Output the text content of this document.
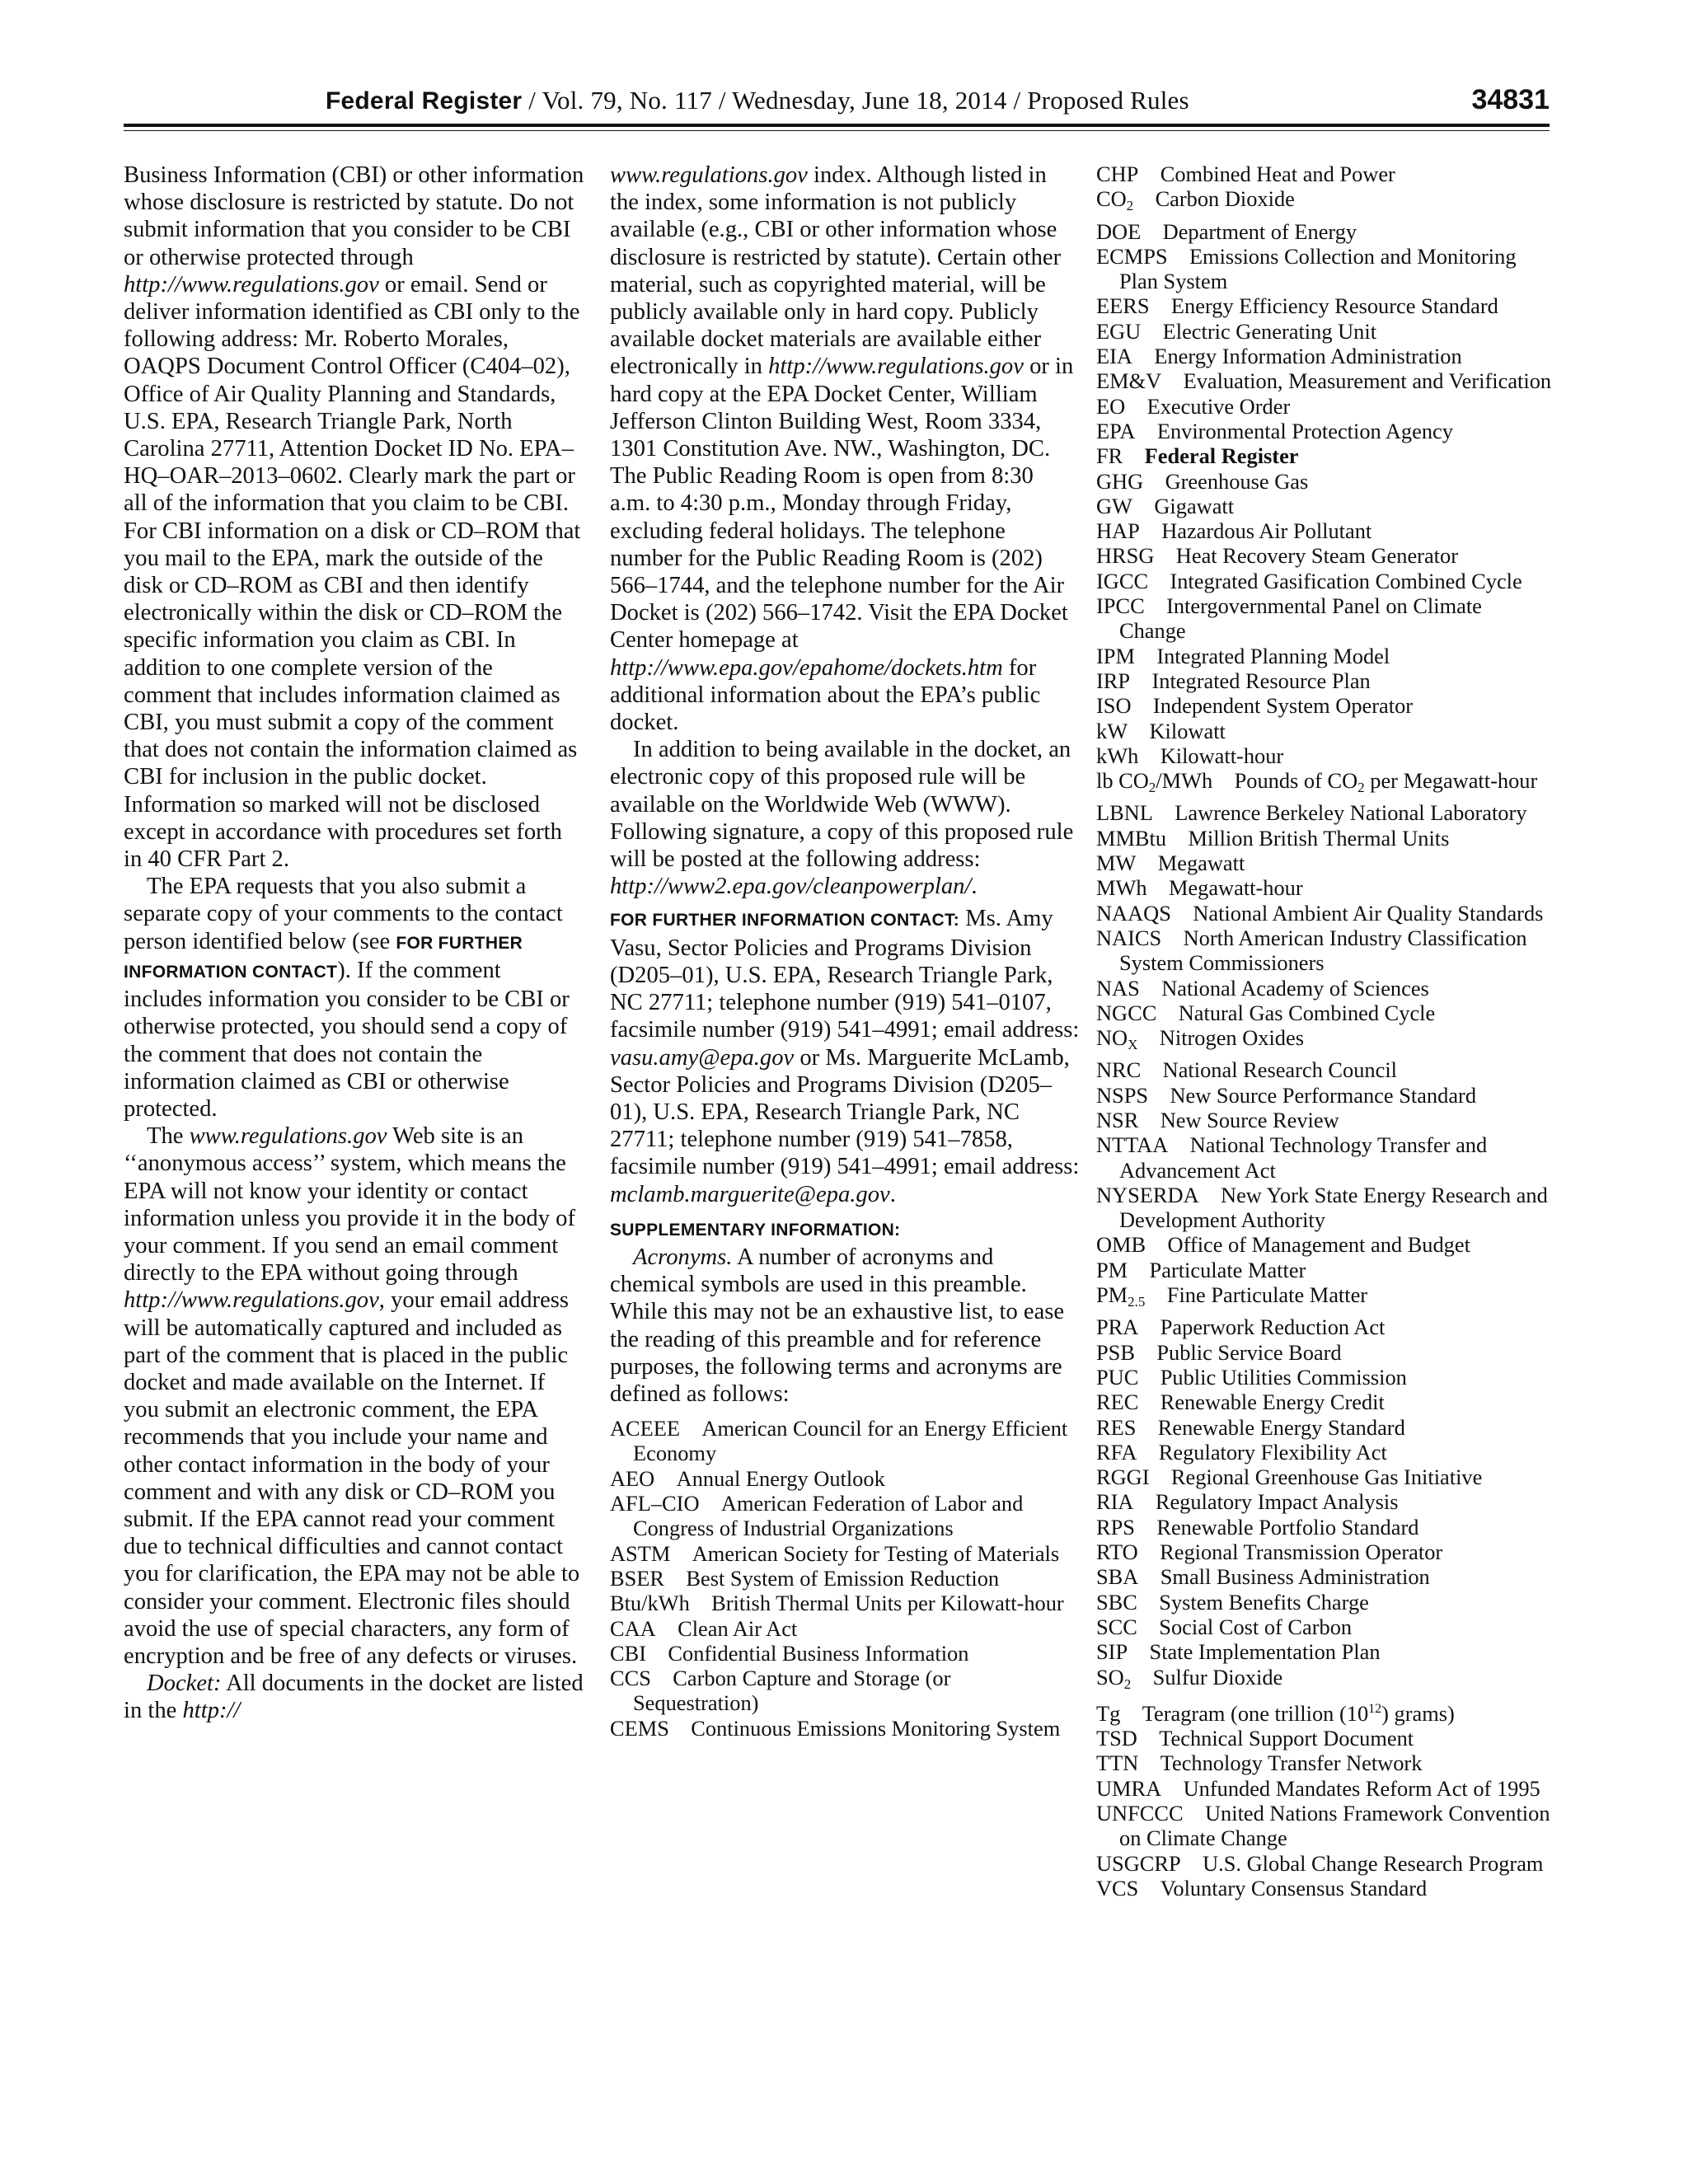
Federal Register / Vol. 79, No. 117 / Wednesday, June 18, 2014 / Proposed Rules	34831

Business Information (CBI) or other information whose disclosure is restricted by statute. Do not submit information that you consider to be CBI or otherwise protected through http://www.regulations.gov or email. Send or deliver information identified as CBI only to the following address: Mr. Roberto Morales, OAQPS Document Control Officer (C404–02), Office of Air Quality Planning and Standards, U.S. EPA, Research Triangle Park, North Carolina 27711, Attention Docket ID No. EPA–HQ–OAR–2013–0602. Clearly mark the part or all of the information that you claim to be CBI. For CBI information on a disk or CD–ROM that you mail to the EPA, mark the outside of the disk or CD–ROM as CBI and then identify electronically within the disk or CD–ROM the specific information you claim as CBI. In addition to one complete version of the comment that includes information claimed as CBI, you must submit a copy of the comment that does not contain the information claimed as CBI for inclusion in the public docket. Information so marked will not be disclosed except in accordance with procedures set forth in 40 CFR Part 2.

The EPA requests that you also submit a separate copy of your comments to the contact person identified below (see FOR FURTHER INFORMATION CONTACT). If the comment includes information you consider to be CBI or otherwise protected, you should send a copy of the comment that does not contain the information claimed as CBI or otherwise protected.

The www.regulations.gov Web site is an ‘‘anonymous access’’ system, which means the EPA will not know your identity or contact information unless you provide it in the body of your comment. If you send an email comment directly to the EPA without going through http://www.regulations.gov, your email address will be automatically captured and included as part of the comment that is placed in the public docket and made available on the Internet. If you submit an electronic comment, the EPA recommends that you include your name and other contact information in the body of your comment and with any disk or CD–ROM you submit. If the EPA cannot read your comment due to technical difficulties and cannot contact you for clarification, the EPA may not be able to consider your comment. Electronic files should avoid the use of special characters, any form of encryption and be free of any defects or viruses.

Docket: All documents in the docket are listed in the http://

www.regulations.gov index. Although listed in the index, some information is not publicly available (e.g., CBI or other information whose disclosure is restricted by statute). Certain other material, such as copyrighted material, will be publicly available only in hard copy. Publicly available docket materials are available either electronically in http://www.regulations.gov or in hard copy at the EPA Docket Center, William Jefferson Clinton Building West, Room 3334, 1301 Constitution Ave. NW., Washington, DC. The Public Reading Room is open from 8:30 a.m. to 4:30 p.m., Monday through Friday, excluding federal holidays. The telephone number for the Public Reading Room is (202) 566–1744, and the telephone number for the Air Docket is (202) 566–1742. Visit the EPA Docket Center homepage at http://www.epa.gov/epahome/dockets.htm for additional information about the EPA’s public docket.

In addition to being available in the docket, an electronic copy of this proposed rule will be available on the Worldwide Web (WWW). Following signature, a copy of this proposed rule will be posted at the following address: http://www2.epa.gov/cleanpowerplan/.

FOR FURTHER INFORMATION CONTACT: Ms. Amy Vasu, Sector Policies and Programs Division (D205–01), U.S. EPA, Research Triangle Park, NC 27711; telephone number (919) 541–0107, facsimile number (919) 541–4991; email address: vasu.amy@epa.gov or Ms. Marguerite McLamb, Sector Policies and Programs Division (D205–01), U.S. EPA, Research Triangle Park, NC 27711; telephone number (919) 541–7858, facsimile number (919) 541–4991; email address: mclamb.marguerite@epa.gov.

SUPPLEMENTARY INFORMATION:

Acronyms. A number of acronyms and chemical symbols are used in this preamble. While this may not be an exhaustive list, to ease the reading of this preamble and for reference purposes, the following terms and acronyms are defined as follows:

ACEEE  American Council for an Energy Efficient Economy

AEO  Annual Energy Outlook

AFL–CIO  American Federation of Labor and Congress of Industrial Organizations

ASTM  American Society for Testing of Materials

BSER  Best System of Emission Reduction

Btu/kWh  British Thermal Units per Kilowatt-hour

CAA  Clean Air Act

CBI  Confidential Business Information

CCS  Carbon Capture and Storage (or Sequestration)

CEMS  Continuous Emissions Monitoring System

CHP  Combined Heat and Power

$CO_2$  Carbon Dioxide

DOE  Department of Energy

ECMPS  Emissions Collection and Monitoring Plan System

EERS  Energy Efficiency Resource Standard

EGU  Electric Generating Unit

EIA  Energy Information Administration

EM&V  Evaluation, Measurement and Verification

EO  Executive Order

EPA  Environmental Protection Agency

FR  Federal Register

GHG  Greenhouse Gas

GW  Gigawatt

HAP  Hazardous Air Pollutant

HRSG  Heat Recovery Steam Generator

IGCC  Integrated Gasification Combined Cycle

IPCC  Intergovernmental Panel on Climate Change

IPM  Integrated Planning Model

IRP  Integrated Resource Plan

ISO  Independent System Operator

kW  Kilowatt

kWh  Kilowatt-hour

lb $CO_2$/MWh  Pounds of $CO_2$ per Megawatt-hour

LBNL  Lawrence Berkeley National Laboratory

MMBtu  Million British Thermal Units

MW  Megawatt

MWh  Megawatt-hour

NAAQS  National Ambient Air Quality Standards

NAICS  North American Industry Classification System Commissioners

NAS  National Academy of Sciences

NGCC  Natural Gas Combined Cycle

$NO_X$  Nitrogen Oxides

NRC  National Research Council

NSPS  New Source Performance Standard

NSR  New Source Review

NTTAA  National Technology Transfer and Advancement Act

NYSERDA  New York State Energy Research and Development Authority

OMB  Office of Management and Budget

PM  Particulate Matter

$PM_{2.5}$  Fine Particulate Matter

PRA  Paperwork Reduction Act

PSB  Public Service Board

PUC  Public Utilities Commission

REC  Renewable Energy Credit

RES  Renewable Energy Standard

RFA  Regulatory Flexibility Act

RGGI  Regional Greenhouse Gas Initiative

RIA  Regulatory Impact Analysis

RPS  Renewable Portfolio Standard

RTO  Regional Transmission Operator

SBA  Small Business Administration

SBC  System Benefits Charge

SCC  Social Cost of Carbon

SIP  State Implementation Plan

$SO_2$  Sulfur Dioxide

Tg  Teragram (one trillion $(10^{12})$ grams)

TSD  Technical Support Document

TTN  Technology Transfer Network

UMRA  Unfunded Mandates Reform Act of 1995

UNFCCC  United Nations Framework Convention on Climate Change

USGCRP  U.S. Global Change Research Program

VCS  Voluntary Consensus Standard
